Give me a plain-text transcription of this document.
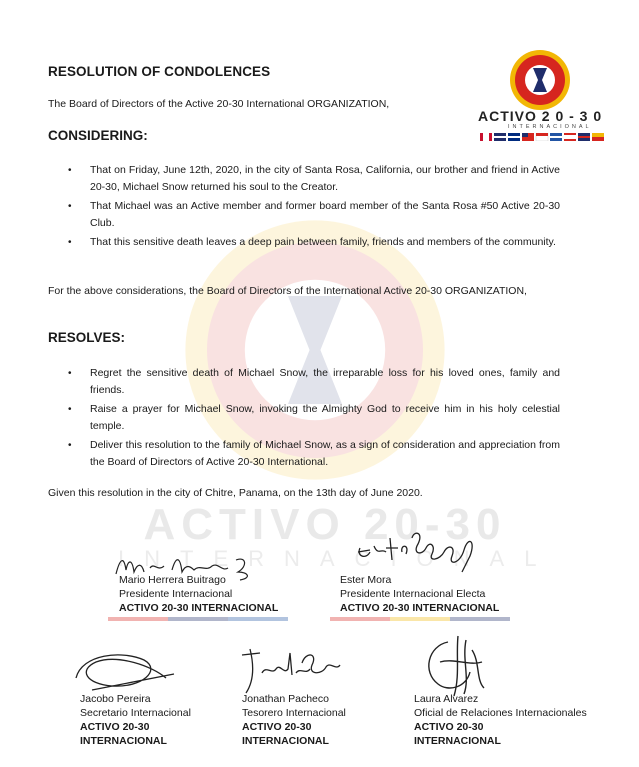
ACTIVO 20-30
INTERNACIONAL
ACTIVO 2 0 - 3 0
INTERNACIONAL
RESOLUTION OF CONDOLENCES
The Board of Directors of the Active 20-30 International ORGANIZATION,
CONSIDERING:
• That on Friday, June 12th, 2020, in the city of Santa Rosa, California, our brother and friend in Active 20-30, Michael Snow returned his soul to the Creator.
• That Michael was an Active member and former board member of the Santa Rosa #50 Active 20-30 Club.
• That this sensitive death leaves a deep pain between family, friends and members of the community.
For the above considerations, the Board of Directors of the International Active 20-30 ORGANIZATION,
RESOLVES:
• Regret the sensitive death of Michael Snow, the irreparable loss for his loved ones, family and friends.
• Raise a prayer for Michael Snow, invoking the Almighty God to receive him in his holy celestial temple.
• Deliver this resolution to the family of Michael Snow, as a sign of consideration and appreciation from the Board of Directors of Active 20-30 International.
Given this resolution in the city of Chitre, Panama, on the 13th day of June 2020.
Mario Herrera Buitrago
Presidente Internacional
ACTIVO 20-30 INTERNACIONAL
Ester Mora
Presidente Internacional Electa
ACTIVO 20-30 INTERNACIONAL
Jacobo Pereira
Secretario Internacional
ACTIVO 20-30 INTERNACIONAL
Jonathan Pacheco
Tesorero Internacional
ACTIVO 20-30 INTERNACIONAL
Laura Alvarez
Oficial de Relaciones Internacionales
ACTIVO 20-30 INTERNACIONAL
